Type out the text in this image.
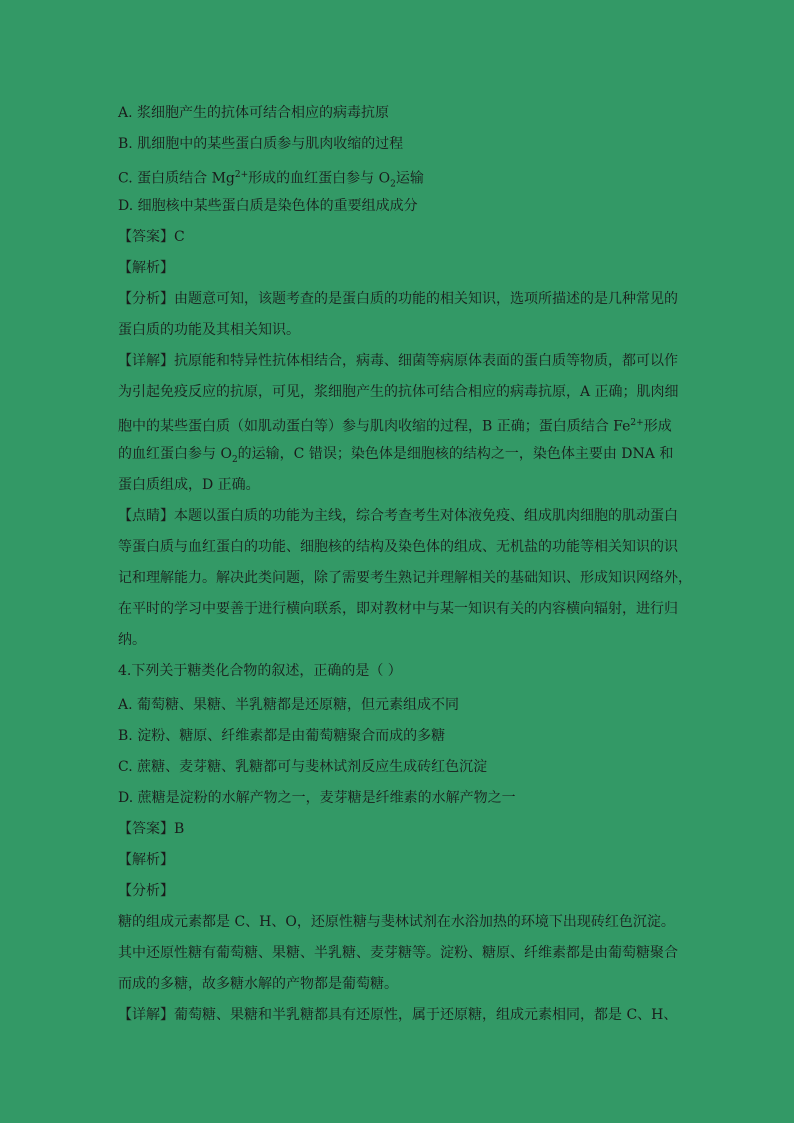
A. 浆细胞产生的抗体可结合相应的病毒抗原
B. 肌细胞中的某些蛋白质参与肌肉收缩的过程
C. 蛋白质结合 $Mg^{2+}$形成的血红蛋白参与 $O_2$运输
D. 细胞核中某些蛋白质是染色体的重要组成成分
【答案】C
【解析】
【分析】由题意可知，该题考查的是蛋白质的功能的相关知识，选项所描述的是几种常见的
蛋白质的功能及其相关知识。
【详解】抗原能和特异性抗体相结合，病毒、细菌等病原体表面的蛋白质等物质，都可以作
为引起免疫反应的抗原，可见，浆细胞产生的抗体可结合相应的病毒抗原，A 正确；肌肉细
胞中的某些蛋白质（如肌动蛋白等）参与肌肉收缩的过程，B 正确；蛋白质结合 $Fe^{2+}$形成
的血红蛋白参与 $O_2$的运输，C 错误；染色体是细胞核的结构之一，染色体主要由 DNA 和
蛋白质组成，D 正确。
【点睛】本题以蛋白质的功能为主线，综合考查考生对体液免疫、组成肌肉细胞的肌动蛋白
等蛋白质与血红蛋白的功能、细胞核的结构及染色体的组成、无机盐的功能等相关知识的识
记和理解能力。解决此类问题，除了需要考生熟记并理解相关的基础知识、形成知识网络外，
在平时的学习中要善于进行横向联系，即对教材中与某一知识有关的内容横向辐射，进行归
纳。
4.下列关于糖类化合物的叙述，正确的是（ ）
A. 葡萄糖、果糖、半乳糖都是还原糖，但元素组成不同
B. 淀粉、糖原、纤维素都是由葡萄糖聚合而成的多糖
C. 蔗糖、麦芽糖、乳糖都可与斐林试剂反应生成砖红色沉淀
D. 蔗糖是淀粉的水解产物之一，麦芽糖是纤维素的水解产物之一
【答案】B
【解析】
【分析】
糖的组成元素都是 C、H、O，还原性糖与斐林试剂在水浴加热的环境下出现砖红色沉淀。
其中还原性糖有葡萄糖、果糖、半乳糖、麦芽糖等。淀粉、糖原、纤维素都是由葡萄糖聚合
而成的多糖，故多糖水解的产物都是葡萄糖。
【详解】葡萄糖、果糖和半乳糖都具有还原性，属于还原糖，组成元素相同，都是 C、H、
